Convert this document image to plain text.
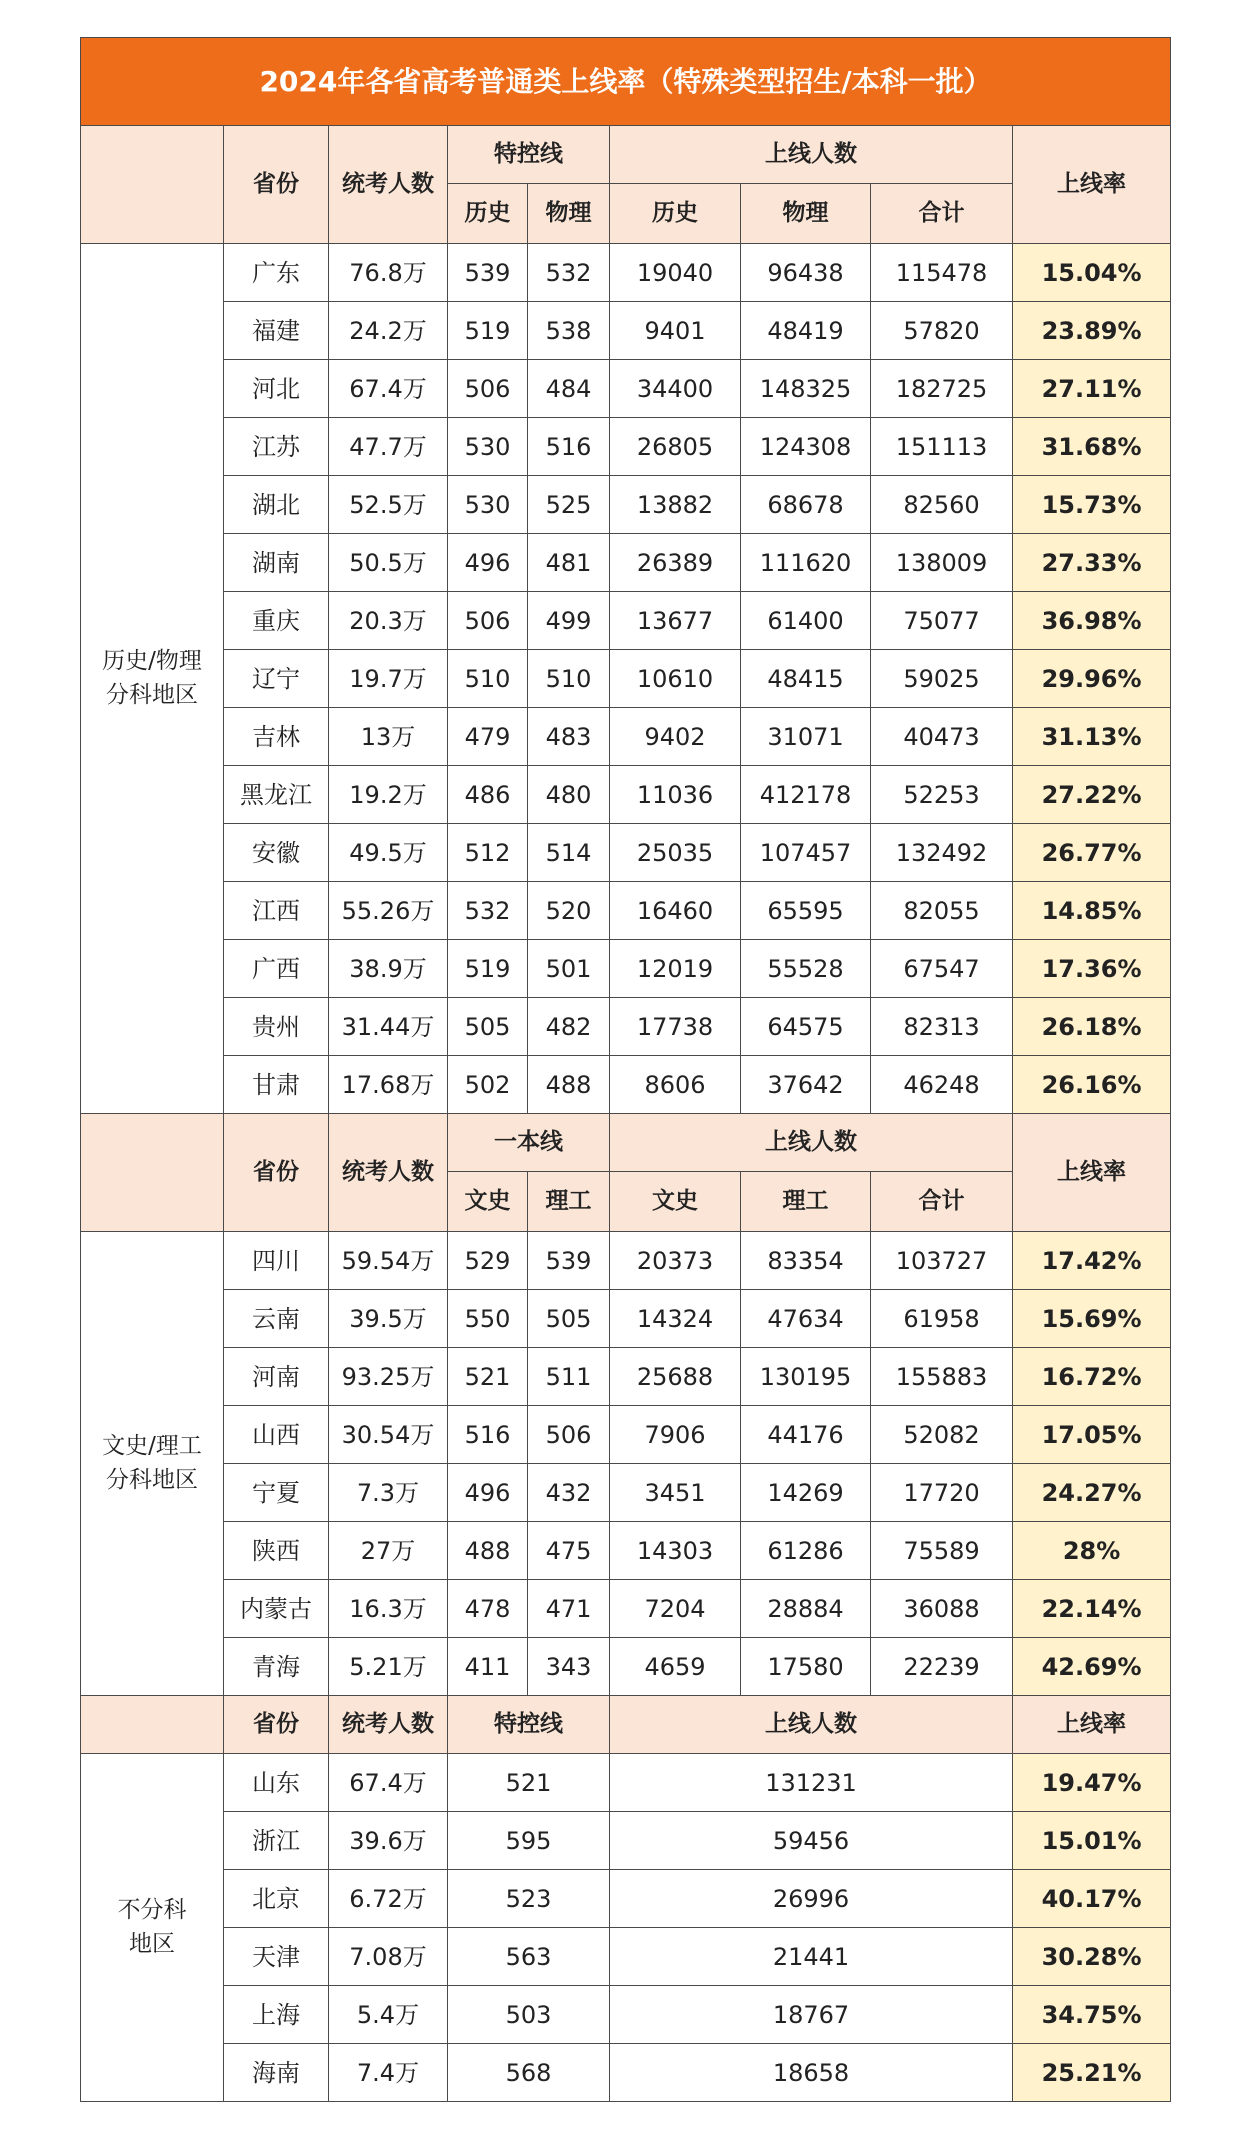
2024年各省高考普通类上线率（特殊类型招生/本科一批）								
	省份	统考人数	特控线		上线人数			上线率
			历史	物理	历史	物理	合计	

历史/物理
分科地区	广东	76.8万	539	532	19040	96438	115478	15.04%
	福建	24.2万	519	538	9401	48419	57820	23.89%
	河北	67.4万	506	484	34400	148325	182725	27.11%
	江苏	47.7万	530	516	26805	124308	151113	31.68%
	湖北	52.5万	530	525	13882	68678	82560	15.73%
	湖南	50.5万	496	481	26389	111620	138009	27.33%
	重庆	20.3万	506	499	13677	61400	75077	36.98%
	辽宁	19.7万	510	510	10610	48415	59025	29.96%
	吉林	13万	479	483	9402	31071	40473	31.13%
	黑龙江	19.2万	486	480	11036	412178	52253	27.22%
	安徽	49.5万	512	514	25035	107457	132492	26.77%
	江西	55.26万	532	520	16460	65595	82055	14.85%
	广西	38.9万	519	501	12019	55528	67547	17.36%
	贵州	31.44万	505	482	17738	64575	82313	26.18%
	甘肃	17.68万	502	488	8606	37642	46248	26.16%
	省份	统考人数	一本线		上线人数			上线率
			文史	理工	文史	理工	合计	

文史/理工
分科地区	四川	59.54万	529	539	20373	83354	103727	17.42%
	云南	39.5万	550	505	14324	47634	61958	15.69%
	河南	93.25万	521	511	25688	130195	155883	16.72%
	山西	30.54万	516	506	7906	44176	52082	17.05%
	宁夏	7.3万	496	432	3451	14269	17720	24.27%
	陕西	27万	488	475	14303	61286	75589	28%
	内蒙古	16.3万	478	471	7204	28884	36088	22.14%
	青海	5.21万	411	343	4659	17580	22239	42.69%
	省份	统考人数	特控线		上线人数			上线率

不分科
地区	山东	67.4万	521		131231			19.47%
	浙江	39.6万	595		59456			15.01%
	北京	6.72万	523		26996			40.17%
	天津	7.08万	563		21441			30.28%
	上海	5.4万	503		18767			34.75%
	海南	7.4万	568		18658			25.21%
